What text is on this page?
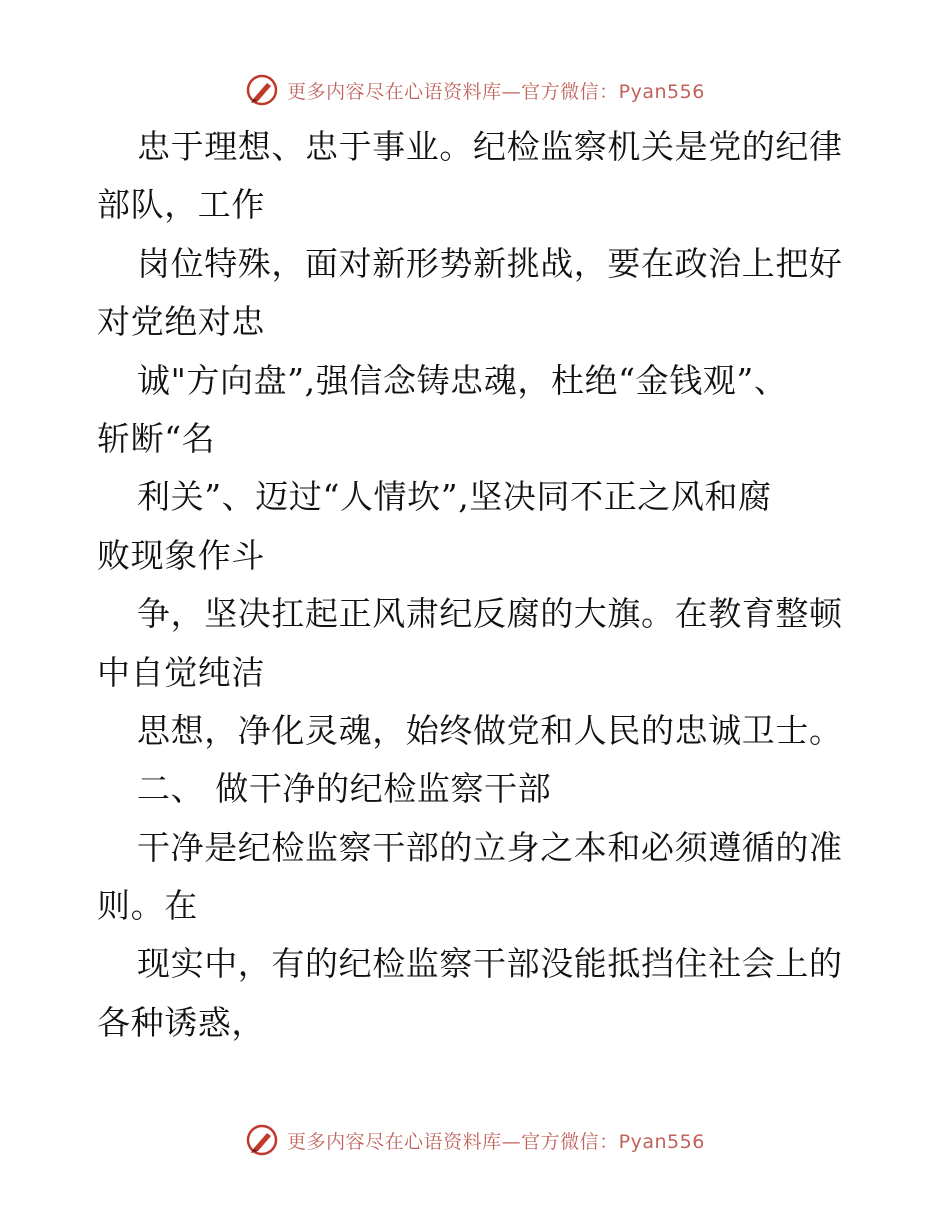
更多内容尽在心语资料库—官方微信：Pyan556
忠于理想、忠于事业。纪检监察机关是党的纪律
部队，工作
岗位特殊，面对新形势新挑战，要在政治上把好
对党绝对忠
诚"方向盘”,强信念铸忠魂，杜绝“金钱观”、
斩断“名
利关”、迈过“人情坎”,坚决同不正之风和腐
败现象作斗
争，坚决扛起正风肃纪反腐的大旗。在教育整顿
中自觉纯洁
思想，净化灵魂，始终做党和人民的忠诚卫士。
二、 做干净的纪检监察干部
干净是纪检监察干部的立身之本和必须遵循的准
则。在
现实中，有的纪检监察干部没能抵挡住社会上的
各种诱惑，
更多内容尽在心语资料库—官方微信：Pyan556
